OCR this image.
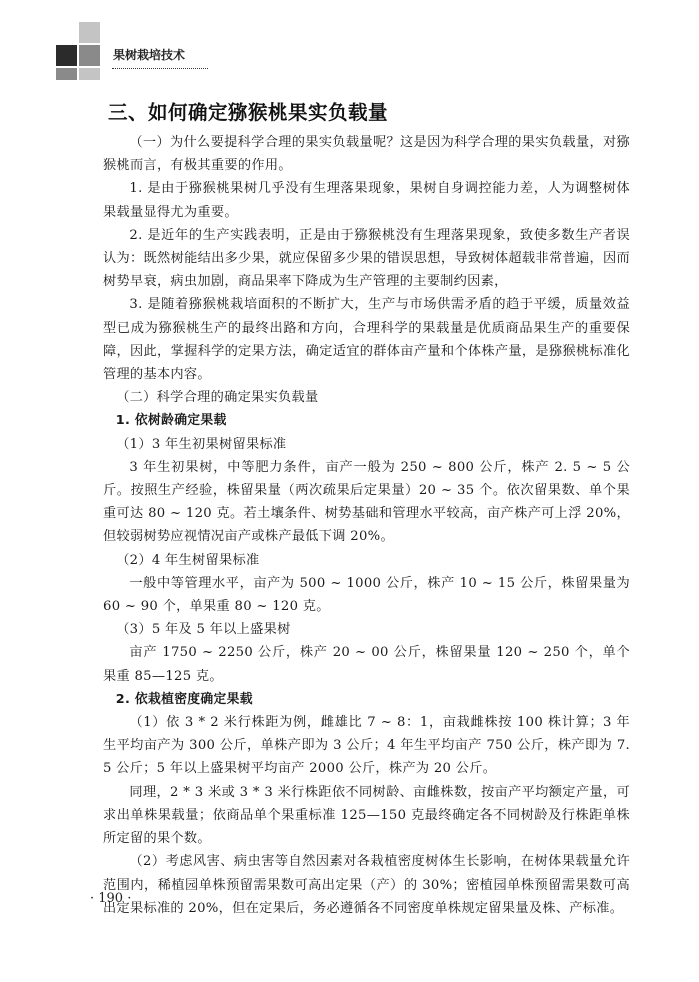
果树栽培技术
三、如何确定猕猴桃果实负载量

（一）为什么要提科学合理的果实负载量呢？这是因为科学合理的果实负载量，对猕猴桃而言，有极其重要的作用。

1. 是由于猕猴桃果树几乎没有生理落果现象，果树自身调控能力差，人为调整树体果载量显得尤为重要。

2. 是近年的生产实践表明，正是由于猕猴桃没有生理落果现象，致使多数生产者误认为：既然树能结出多少果，就应保留多少果的错误思想，导致树体超载非常普遍，因而树势早衰，病虫加剧，商品果率下降成为生产管理的主要制约因素，

3. 是随着猕猴桃栽培面积的不断扩大，生产与市场供需矛盾的趋于平缓，质量效益型已成为猕猴桃生产的最终出路和方向，合理科学的果载量是优质商品果生产的重要保障，因此，掌握科学的定果方法，确定适宜的群体亩产量和个体株产量，是猕猴桃标准化管理的基本内容。

（二）科学合理的确定果实负载量

1. 依树龄确定果载

（1）3 年生初果树留果标准

3 年生初果树，中等肥力条件，亩产一般为 250 ~ 800 公斤，株产 2. 5 ~ 5 公斤。按照生产经验，株留果量（两次疏果后定果量）20 ~ 35 个。依次留果数、单个果重可达 80 ~ 120 克。若土壤条件、树势基础和管理水平较高，亩产株产可上浮 20%，但较弱树势应视情况亩产或株产最低下调 20%。

（2）4 年生树留果标准

一般中等管理水平，亩产为 500 ~ 1000 公斤，株产 10 ~ 15 公斤，株留果量为 60 ~ 90 个，单果重 80 ~ 120 克。

（3）5 年及 5 年以上盛果树

亩产 1750 ~ 2250 公斤，株产 20 ~ 00 公斤，株留果量 120 ~ 250 个，单个果重 85—125 克。

2. 依栽植密度确定果载

（1）依 3 * 2 米行株距为例，雌雄比 7 ~ 8：1，亩栽雌株按 100 株计算；3 年生平均亩产为 300 公斤，单株产即为 3 公斤；4 年生平均亩产 750 公斤，株产即为 7. 5 公斤；5 年以上盛果树平均亩产 2000 公斤，株产为 20 公斤。

同理，2 * 3 米或 3 * 3 米行株距依不同树龄、亩雌株数，按亩产平均额定产量，可求出单株果载量；依商品单个果重标准 125—150 克最终确定各不同树龄及行株距单株所定留的果个数。

（2）考虑风害、病虫害等自然因素对各栽植密度树体生长影响，在树体果载量允许范围内，稀植园单株预留需果数可高出定果（产）的 30%；密植园单株预留需果数可高出定果标准的 20%，但在定果后，务必遵循各不同密度单株规定留果量及株、产标准。

· 190 ·
